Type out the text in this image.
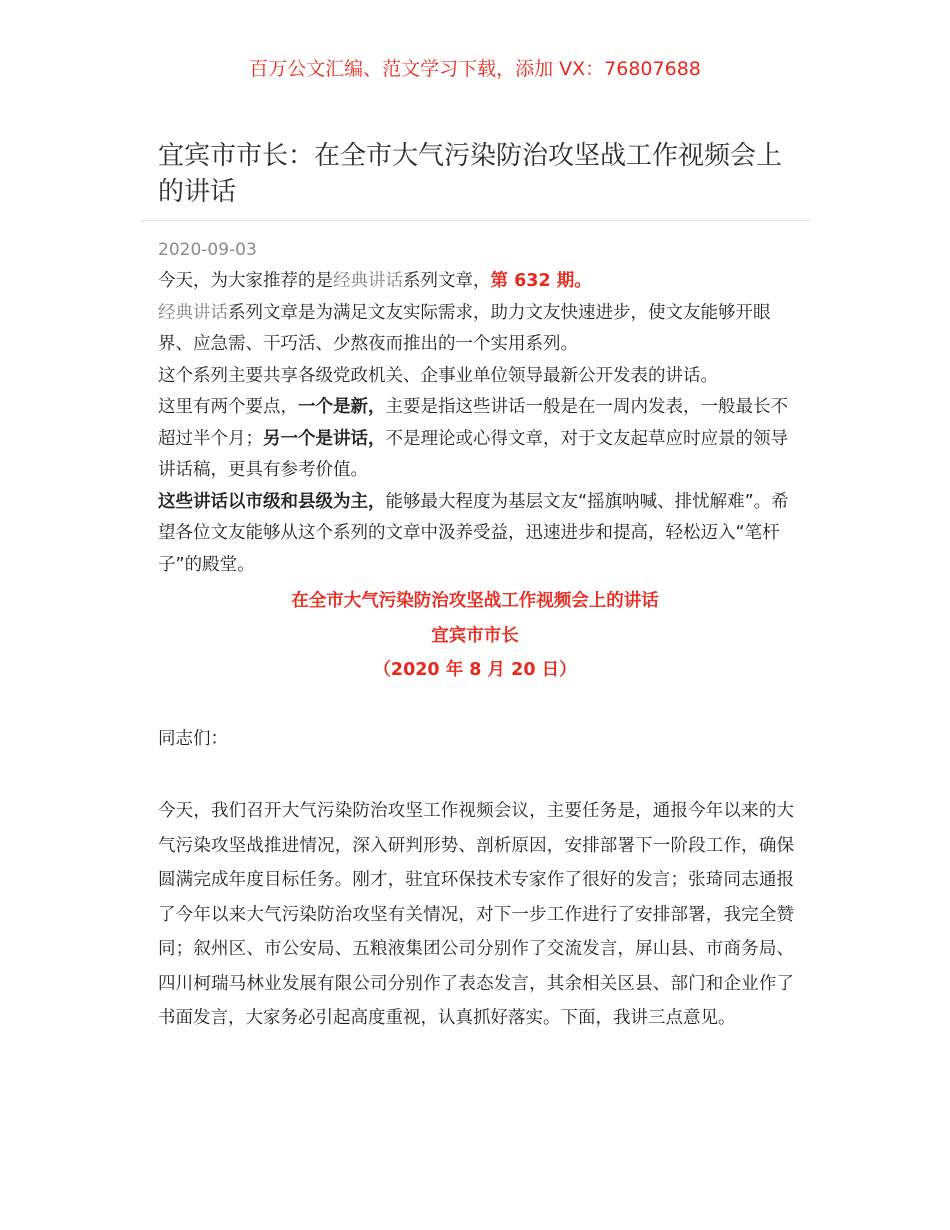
百万公文汇编、范文学习下载，添加 VX：76807688
宜宾市市长：在全市大气污染防治攻坚战工作视频会上的讲话
2020-09-03

今天，为大家推荐的是经典讲话系列文章，第 632 期。

经典讲话系列文章是为满足文友实际需求，助力文友快速进步，使文友能够开眼界、应急需、干巧活、少熬夜而推出的一个实用系列。

这个系列主要共享各级党政机关、企事业单位领导最新公开发表的讲话。

这里有两个要点，一个是新，主要是指这些讲话一般是在一周内发表，一般最长不超过半个月；另一个是讲话，不是理论或心得文章，对于文友起草应时应景的领导讲话稿，更具有参考价值。

这些讲话以市级和县级为主，能够最大程度为基层文友“摇旗呐喊、排忧解难”。希望各位文友能够从这个系列的文章中汲养受益，迅速进步和提高，轻松迈入“笔杆子”的殿堂。

在全市大气污染防治攻坚战工作视频会上的讲话
宜宾市市长
（2020 年 8 月 20 日）
同志们：

今天，我们召开大气污染防治攻坚工作视频会议，主要任务是，通报今年以来的大气污染攻坚战推进情况，深入研判形势、剖析原因，安排部署下一阶段工作，确保圆满完成年度目标任务。刚才，驻宜环保技术专家作了很好的发言；张琦同志通报了今年以来大气污染防治攻坚有关情况，对下一步工作进行了安排部署，我完全赞同；叙州区、市公安局、五粮液集团公司分别作了交流发言，屏山县、市商务局、四川柯瑞马林业发展有限公司分别作了表态发言，其余相关区县、部门和企业作了书面发言，大家务必引起高度重视，认真抓好落实。下面，我讲三点意见。
